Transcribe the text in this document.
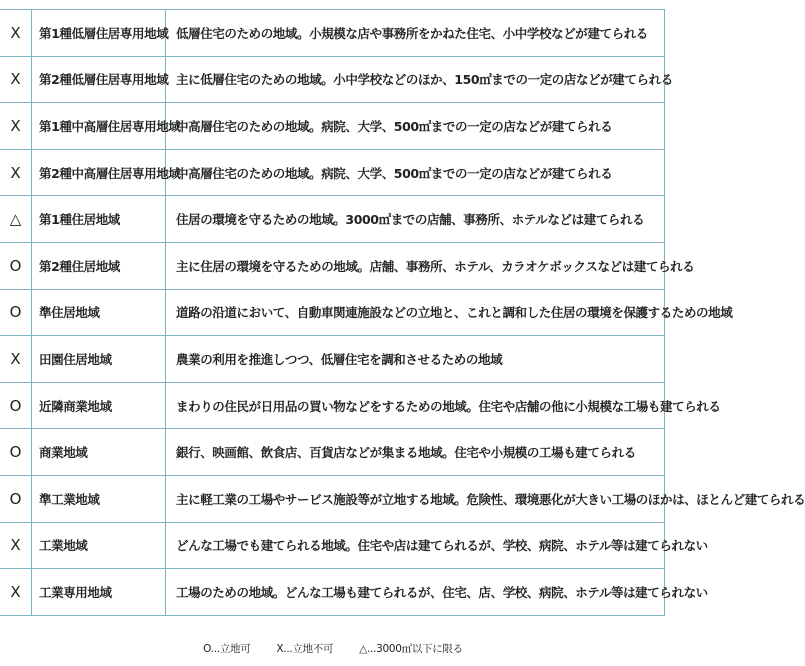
X	第1種低層住居専用地域	低層住宅のための地域。小規模な店や事務所をかねた住宅、小中学校などが建てられる
X	第2種低層住居専用地域	主に低層住宅のための地域。小中学校などのほか、150㎡までの一定の店などが建てられる
X	第1種中高層住居専用地域	中高層住宅のための地域。病院、大学、500㎡までの一定の店などが建てられる
X	第2種中高層住居専用地域	中高層住宅のための地域。病院、大学、500㎡までの一定の店などが建てられる
△	第1種住居地域	住居の環境を守るための地域。3000㎡までの店舗、事務所、ホテルなどは建てられる
O	第2種住居地域	主に住居の環境を守るための地域。店舗、事務所、ホテル、カラオケボックスなどは建てられる
O	準住居地域	道路の沿道において、自動車関連施設などの立地と、これと調和した住居の環境を保護するための地域
X	田園住居地域	農業の利用を推進しつつ、低層住宅を調和させるための地域
O	近隣商業地域	まわりの住民が日用品の買い物などをするための地域。住宅や店舗の他に小規模な工場も建てられる
O	商業地域	銀行、映画館、飲食店、百貨店などが集まる地域。住宅や小規模の工場も建てられる
O	準工業地域	主に軽工業の工場やサービス施設等が立地する地域。危険性、環境悪化が大きい工場のほかは、ほとんど建てられる
X	工業地域	どんな工場でも建てられる地域。住宅や店は建てられるが、学校、病院、ホテル等は建てられない
X	工業専用地域	工場のための地域。どんな工場も建てられるが、住宅、店、学校、病院、ホテル等は建てられない
O...立地可 X...立地不可 △...3000㎡以下に限る
